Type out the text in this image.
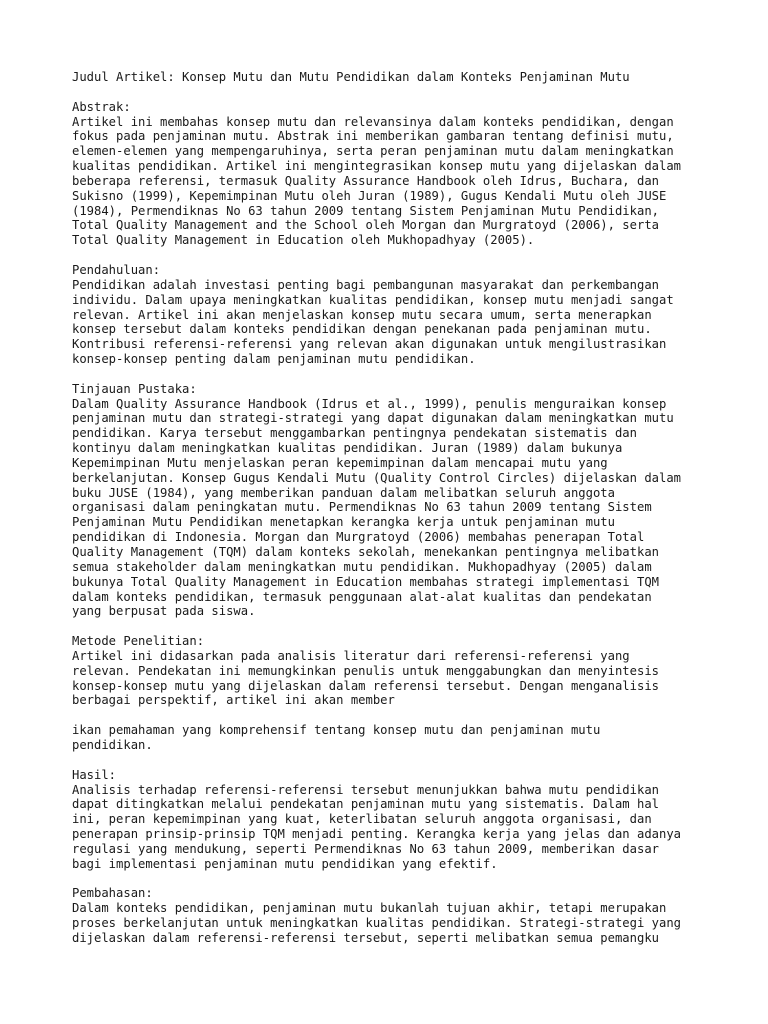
Judul Artikel: Konsep Mutu dan Mutu Pendidikan dalam Konteks Penjaminan Mutu
Abstrak:
Artikel ini membahas konsep mutu dan relevansinya dalam konteks pendidikan, dengan
fokus pada penjaminan mutu. Abstrak ini memberikan gambaran tentang definisi mutu,
elemen-elemen yang mempengaruhinya, serta peran penjaminan mutu dalam meningkatkan
kualitas pendidikan. Artikel ini mengintegrasikan konsep mutu yang dijelaskan dalam
beberapa referensi, termasuk Quality Assurance Handbook oleh Idrus, Buchara, dan
Sukisno (1999), Kepemimpinan Mutu oleh Juran (1989), Gugus Kendali Mutu oleh JUSE
(1984), Permendiknas No 63 tahun 2009 tentang Sistem Penjaminan Mutu Pendidikan,
Total Quality Management and the School oleh Morgan dan Murgratoyd (2006), serta
Total Quality Management in Education oleh Mukhopadhyay (2005).
Pendahuluan:
Pendidikan adalah investasi penting bagi pembangunan masyarakat dan perkembangan
individu. Dalam upaya meningkatkan kualitas pendidikan, konsep mutu menjadi sangat
relevan. Artikel ini akan menjelaskan konsep mutu secara umum, serta menerapkan
konsep tersebut dalam konteks pendidikan dengan penekanan pada penjaminan mutu.
Kontribusi referensi-referensi yang relevan akan digunakan untuk mengilustrasikan
konsep-konsep penting dalam penjaminan mutu pendidikan.
Tinjauan Pustaka:
Dalam Quality Assurance Handbook (Idrus et al., 1999), penulis menguraikan konsep
penjaminan mutu dan strategi-strategi yang dapat digunakan dalam meningkatkan mutu
pendidikan. Karya tersebut menggambarkan pentingnya pendekatan sistematis dan
kontinyu dalam meningkatkan kualitas pendidikan. Juran (1989) dalam bukunya
Kepemimpinan Mutu menjelaskan peran kepemimpinan dalam mencapai mutu yang
berkelanjutan. Konsep Gugus Kendali Mutu (Quality Control Circles) dijelaskan dalam
buku JUSE (1984), yang memberikan panduan dalam melibatkan seluruh anggota
organisasi dalam peningkatan mutu. Permendiknas No 63 tahun 2009 tentang Sistem
Penjaminan Mutu Pendidikan menetapkan kerangka kerja untuk penjaminan mutu
pendidikan di Indonesia. Morgan dan Murgratoyd (2006) membahas penerapan Total
Quality Management (TQM) dalam konteks sekolah, menekankan pentingnya melibatkan
semua stakeholder dalam meningkatkan mutu pendidikan. Mukhopadhyay (2005) dalam
bukunya Total Quality Management in Education membahas strategi implementasi TQM
dalam konteks pendidikan, termasuk penggunaan alat-alat kualitas dan pendekatan
yang berpusat pada siswa.
Metode Penelitian:
Artikel ini didasarkan pada analisis literatur dari referensi-referensi yang
relevan. Pendekatan ini memungkinkan penulis untuk menggabungkan dan menyintesis
konsep-konsep mutu yang dijelaskan dalam referensi tersebut. Dengan menganalisis
berbagai perspektif, artikel ini akan member
ikan pemahaman yang komprehensif tentang konsep mutu dan penjaminan mutu
pendidikan.
Hasil:
Analisis terhadap referensi-referensi tersebut menunjukkan bahwa mutu pendidikan
dapat ditingkatkan melalui pendekatan penjaminan mutu yang sistematis. Dalam hal
ini, peran kepemimpinan yang kuat, keterlibatan seluruh anggota organisasi, dan
penerapan prinsip-prinsip TQM menjadi penting. Kerangka kerja yang jelas dan adanya
regulasi yang mendukung, seperti Permendiknas No 63 tahun 2009, memberikan dasar
bagi implementasi penjaminan mutu pendidikan yang efektif.
Pembahasan:
Dalam konteks pendidikan, penjaminan mutu bukanlah tujuan akhir, tetapi merupakan
proses berkelanjutan untuk meningkatkan kualitas pendidikan. Strategi-strategi yang
dijelaskan dalam referensi-referensi tersebut, seperti melibatkan semua pemangku
